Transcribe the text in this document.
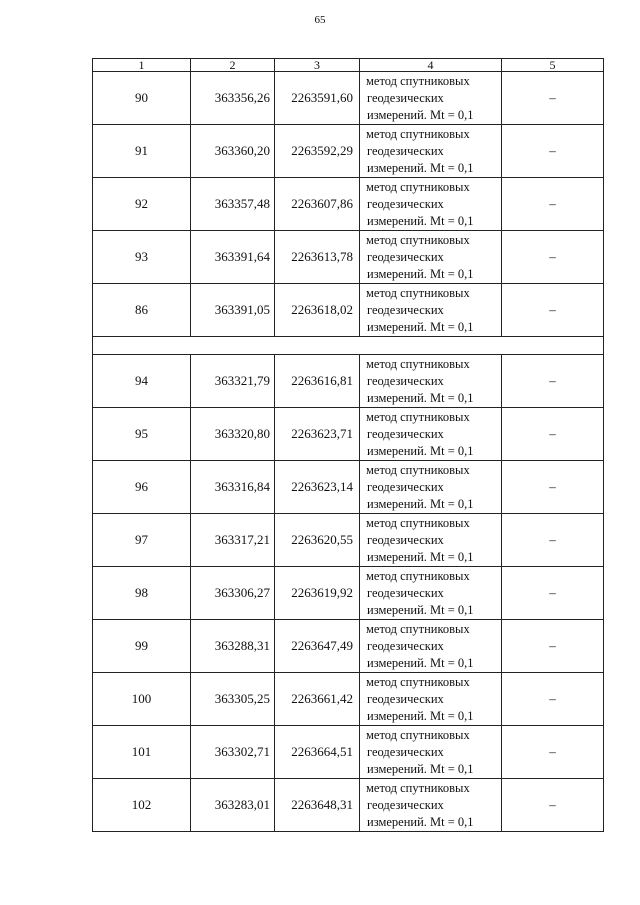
65
1	2	3	4	5
90	363356,26	2263591,60	метод спутниковых
геодезических
измерений. Mt = 0,1	–
91	363360,20	2263592,29	метод спутниковых
геодезических
измерений. Mt = 0,1	–
92	363357,48	2263607,86	метод спутниковых
геодезических
измерений. Mt = 0,1	–
93	363391,64	2263613,78	метод спутниковых
геодезических
измерений. Mt = 0,1	–
86	363391,05	2263618,02	метод спутниковых
геодезических
измерений. Mt = 0,1	–

94	363321,79	2263616,81	метод спутниковых
геодезических
измерений. Mt = 0,1	–
95	363320,80	2263623,71	метод спутниковых
геодезических
измерений. Mt = 0,1	–
96	363316,84	2263623,14	метод спутниковых
геодезических
измерений. Mt = 0,1	–
97	363317,21	2263620,55	метод спутниковых
геодезических
измерений. Mt = 0,1	–
98	363306,27	2263619,92	метод спутниковых
геодезических
измерений. Mt = 0,1	–
99	363288,31	2263647,49	метод спутниковых
геодезических
измерений. Mt = 0,1	–
100	363305,25	2263661,42	метод спутниковых
геодезических
измерений. Mt = 0,1	–
101	363302,71	2263664,51	метод спутниковых
геодезических
измерений. Mt = 0,1	–
102	363283,01	2263648,31	метод спутниковых
геодезических
измерений. Mt = 0,1	–
